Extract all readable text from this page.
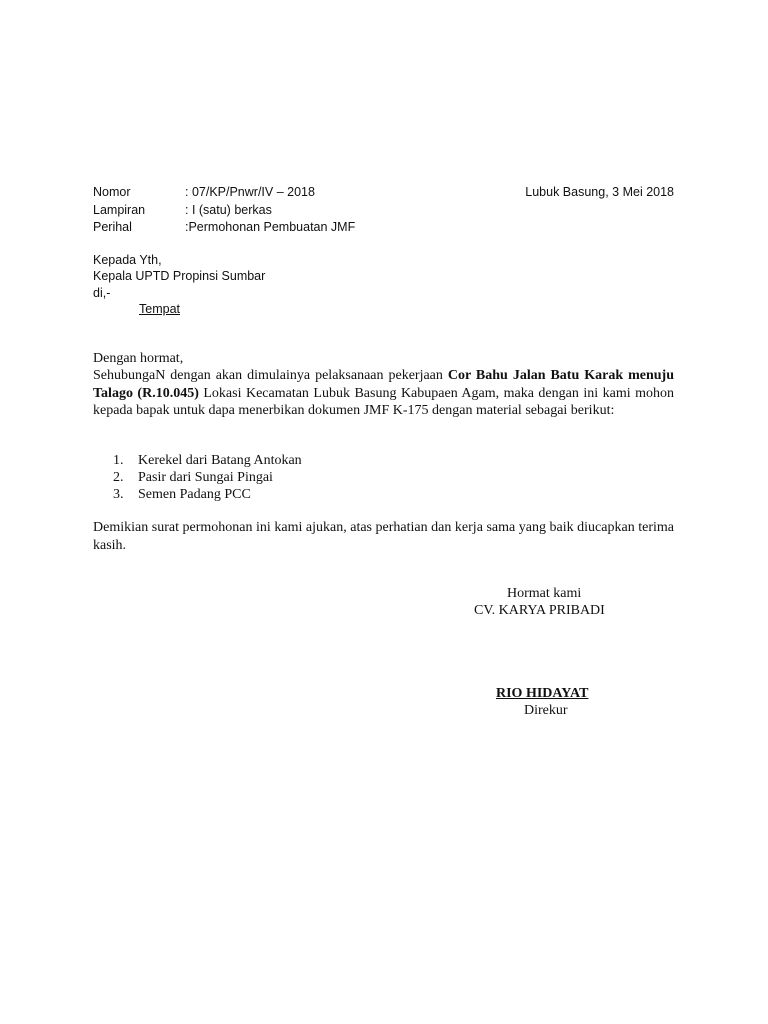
Nomor	: 07/KP/Pnwr/IV – 2018	Lubuk Basung, 3 Mei 2018
Lampiran	: I (satu) berkas
Perihal	:Permohonan Pembuatan JMF
Kepada Yth,
Kepala UPTD Propinsi Sumbar
di,-
Tempat
Dengan hormat,
SehubungaN dengan akan dimulainya pelaksanaan pekerjaan Cor Bahu Jalan Batu Karak menuju Talago (R.10.045) Lokasi Kecamatan Lubuk Basung Kabupaen Agam, maka dengan ini kami mohon kepada bapak untuk dapa menerbikan dokumen JMF K-175 dengan material sebagai berikut:
1. Kerekel dari Batang Antokan
2. Pasir dari Sungai Pingai
3. Semen Padang PCC
Demikian surat permohonan ini kami ajukan, atas perhatian dan kerja sama yang baik diucapkan terima kasih.
Hormat kami
CV. KARYA PRIBADI
RIO HIDAYAT
Direkur
